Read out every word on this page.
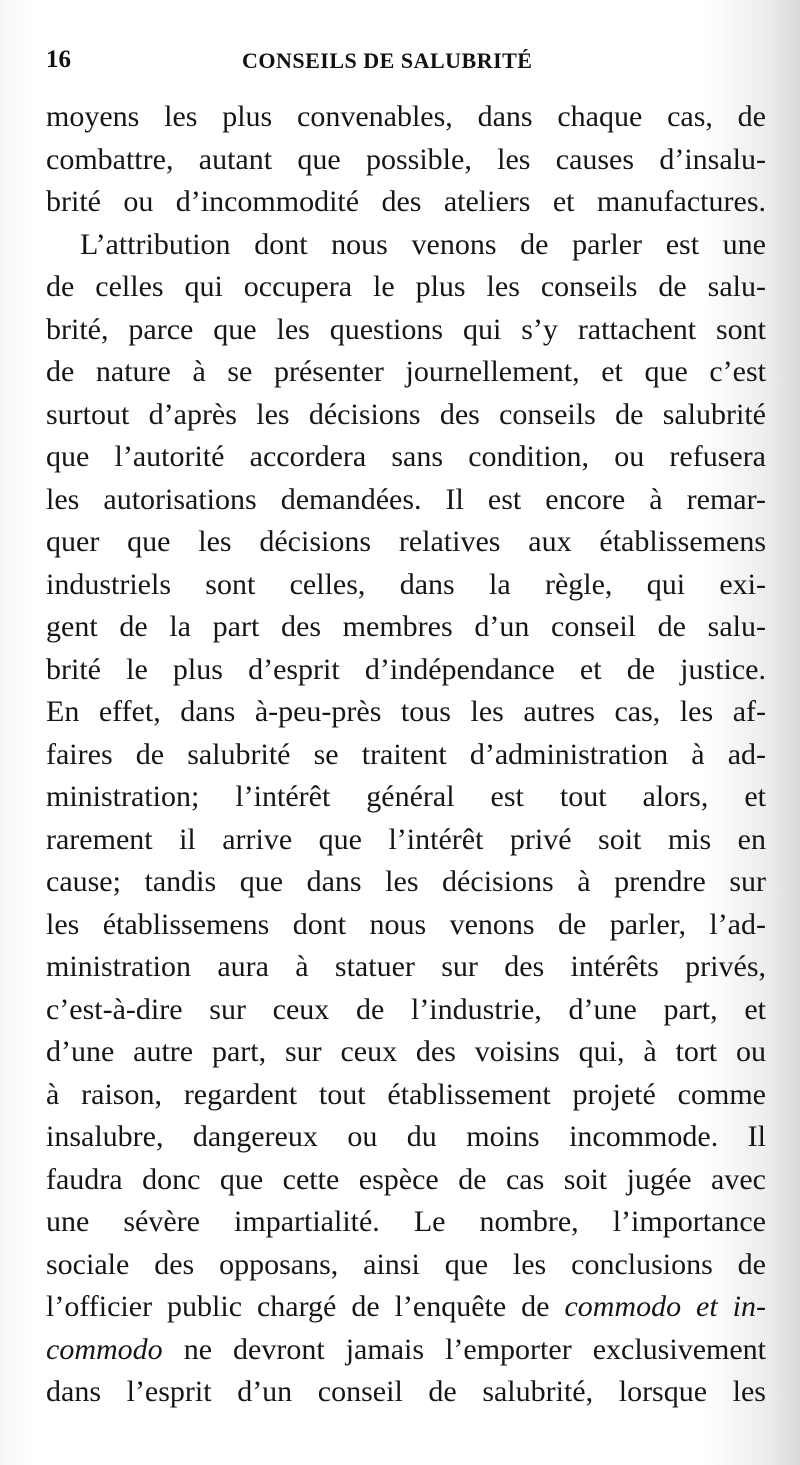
16	CONSEILS DE SALUBRITÉ
moyens les plus convenables, dans chaque cas, de
combattre, autant que possible, les causes d’insalu-
brité ou d’incommodité des ateliers et manufactures.
L’attribution dont nous venons de parler est une
de celles qui occupera le plus les conseils de salu-
brité, parce que les questions qui s’y rattachent sont
de nature à se présenter journellement, et que c’est
surtout d’après les décisions des conseils de salubrité
que l’autorité accordera sans condition, ou refusera
les autorisations demandées. Il est encore à remar-
quer que les décisions relatives aux établissemens
industriels sont celles, dans la règle, qui exi-
gent de la part des membres d’un conseil de salu-
brité le plus d’esprit d’indépendance et de justice.
En effet, dans à-peu-près tous les autres cas, les af-
faires de salubrité se traitent d’administration à ad-
ministration; l’intérêt général est tout alors, et
rarement il arrive que l’intérêt privé soit mis en
cause; tandis que dans les décisions à prendre sur
les établissemens dont nous venons de parler, l’ad-
ministration aura à statuer sur des intérêts privés,
c’est-à-dire sur ceux de l’industrie, d’une part, et
d’une autre part, sur ceux des voisins qui, à tort ou
à raison, regardent tout établissement projeté comme
insalubre, dangereux ou du moins incommode. Il
faudra donc que cette espèce de cas soit jugée avec
une sévère impartialité. Le nombre, l’importance
sociale des opposans, ainsi que les conclusions de
l’officier public chargé de l’enquête de commodo et in-
commodo ne devront jamais l’emporter exclusivement
dans l’esprit d’un conseil de salubrité, lorsque les
